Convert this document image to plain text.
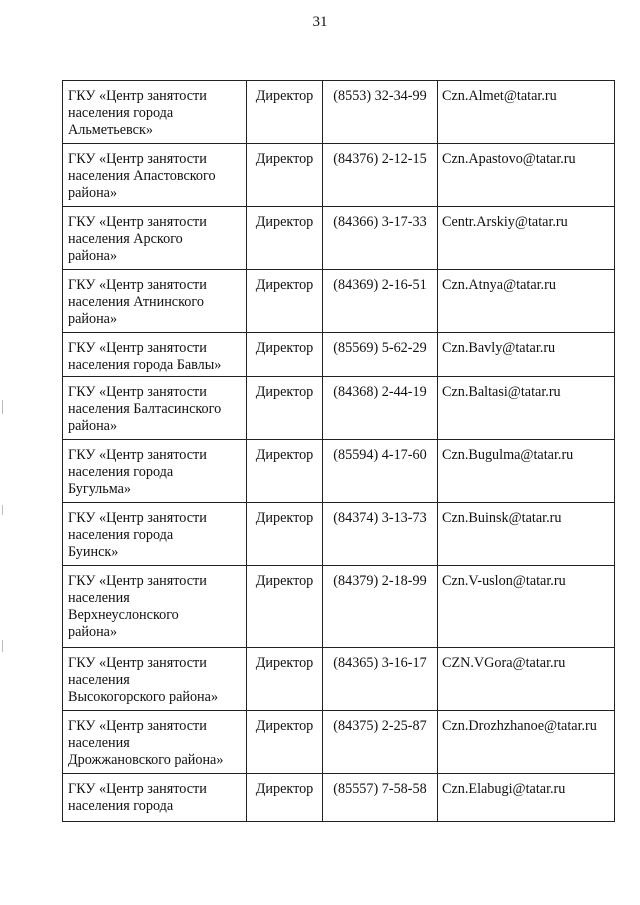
31
ГКУ «Центр занятости
населения города
Альметьевск»	Директор	(8553) 32-34-99	Czn.Almet@tatar.ru

ГКУ «Центр занятости
населения Апастовского
района»	Директор	(84376) 2-12-15	Czn.Apastovo@tatar.ru

ГКУ «Центр занятости
населения Арского
района»	Директор	(84366) 3-17-33	Centr.Arskiy@tatar.ru

ГКУ «Центр занятости
населения Атнинского
района»	Директор	(84369) 2-16-51	Czn.Atnya@tatar.ru

ГКУ «Центр занятости
населения города Бавлы»	Директор	(85569) 5-62-29	Czn.Bavly@tatar.ru

ГКУ «Центр занятости
населения Балтасинского
района»	Директор	(84368) 2-44-19	Czn.Baltasi@tatar.ru

ГКУ «Центр занятости
населения города
Бугульма»	Директор	(85594) 4-17-60	Czn.Bugulma@tatar.ru

ГКУ «Центр занятости
населения города
Буинск»	Директор	(84374) 3-13-73	Czn.Buinsk@tatar.ru

ГКУ «Центр занятости
населения
Верхнеуслонского
района»	Директор	(84379) 2-18-99	Czn.V-uslon@tatar.ru

ГКУ «Центр занятости
населения
Высокогорского района»	Директор	(84365) 3-16-17	CZN.VGora@tatar.ru

ГКУ «Центр занятости
населения
Дрожжановского района»	Директор	(84375) 2-25-87	Czn.Drozhzhanoe@tatar.ru

ГКУ «Центр занятости
населения города	Директор	(85557) 7-58-58	Czn.Elabugi@tatar.ru
